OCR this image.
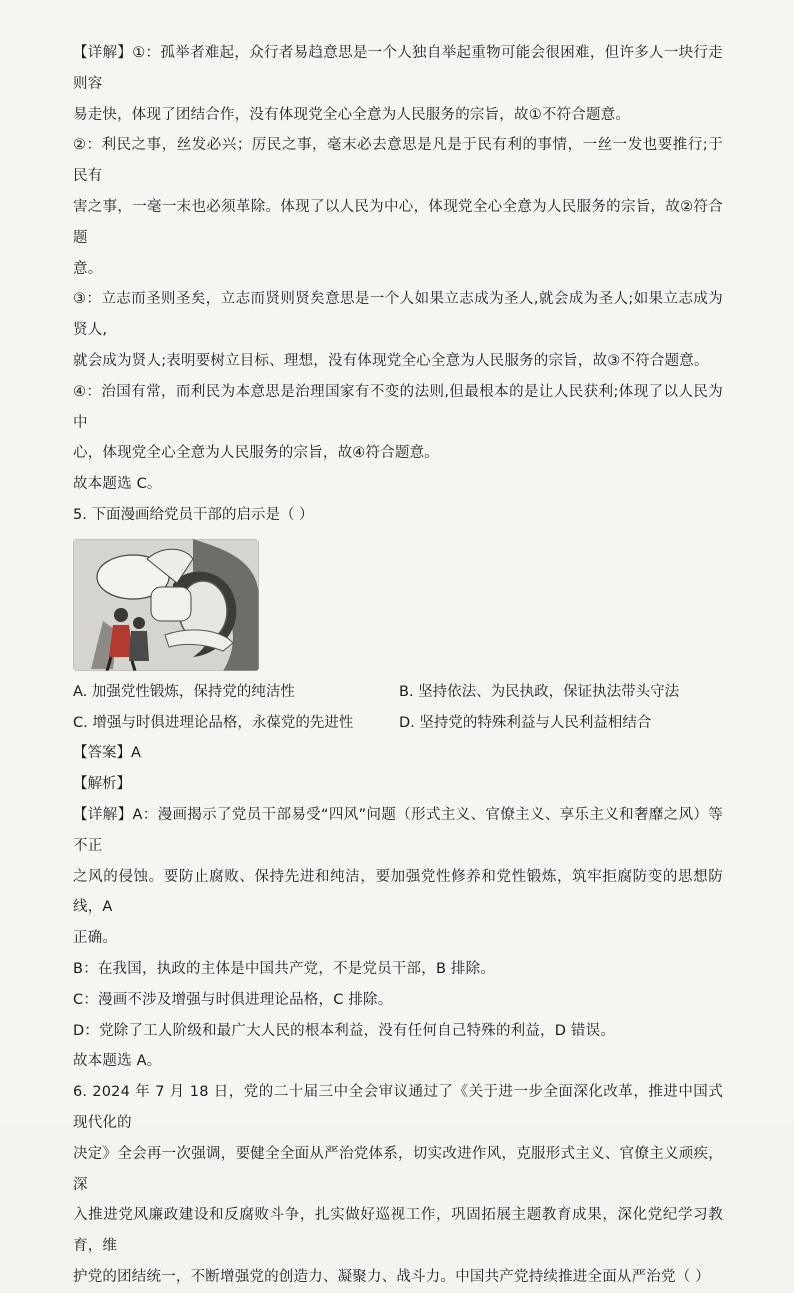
【详解】①：孤举者难起，众行者易趋意思是一个人独自举起重物可能会很困难，但许多人一块行走则容

易走快，体现了团结合作，没有体现党全心全意为人民服务的宗旨，故①不符合题意。

②：利民之事，丝发必兴；厉民之事，毫末必去意思是凡是于民有利的事情，一丝一发也要推行;于民有

害之事，一毫一末也必须革除。体现了以人民为中心，体现党全心全意为人民服务的宗旨，故②符合题

意。

③：立志而圣则圣矣，立志而贤则贤矣意思是一个人如果立志成为圣人,就会成为圣人;如果立志成为贤人,

就会成为贤人;表明要树立目标、理想，没有体现党全心全意为人民服务的宗旨，故③不符合题意。

④：治国有常，而利民为本意思是治理国家有不变的法则,但最根本的是让人民获利;体现了以人民为中

心，体现党全心全意为人民服务的宗旨，故④符合题意。

故本题选 C。

5. 下面漫画给党员干部的启示是（ ）

A. 加强党性锻炼，保持党的纯洁性	B. 坚持依法、为民执政，保证执法带头守法
C. 增强与时俱进理论品格，永葆党的先进性	D. 坚持党的特殊利益与人民利益相结合

【答案】A

【解析】

【详解】A：漫画揭示了党员干部易受“四风”问题（形式主义、官僚主义、享乐主义和奢靡之风）等不正

之风的侵蚀。要防止腐败、保持先进和纯洁，要加强党性修养和党性锻炼，筑牢拒腐防变的思想防线，A

正确。

B：在我国，执政的主体是中国共产党，不是党员干部，B 排除。

C：漫画不涉及增强与时俱进理论品格，C 排除。

D：党除了工人阶级和最广大人民的根本利益，没有任何自己特殊的利益，D 错误。

故本题选 A。

6. 2024 年 7 月 18 日，党的二十届三中全会审议通过了《关于进一步全面深化改革，推进中国式现代化的

决定》全会再一次强调，要健全全面从严治党体系，切实改进作风，克服形式主义、官僚主义顽疾，深

入推进党风廉政建设和反腐败斗争，扎实做好巡视工作，巩固拓展主题教育成果，深化党纪学习教育，维

护党的团结统一，不断增强党的创造力、凝聚力、战斗力。中国共产党持续推进全面从严治党（ ）
